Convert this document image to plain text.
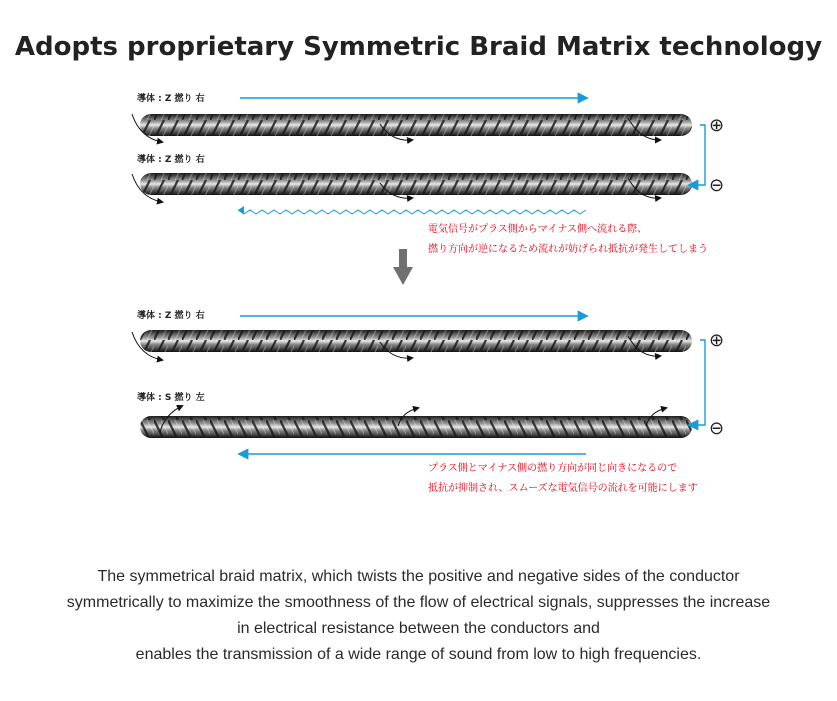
Adopts proprietary Symmetric Braid Matrix technology
導体 : Z 撚り 右
導体 : Z 撚り 右
⊕
⊖
電気信号がプラス側からマイナス側へ流れる際、
撚り方向が逆になるため流れが妨げられ抵抗が発生してしまう
導体 : Z 撚り 右
導体 : S 撚り 左
⊕
⊖
プラス側とマイナス側の撚り方向が同じ向きになるので
抵抗が抑制され、スムーズな電気信号の流れを可能にします
The symmetrical braid matrix, which twists the positive and negative sides of the conductor
symmetrically to maximize the smoothness of the flow of electrical signals, suppresses the increase
in electrical resistance between the conductors and
enables the transmission of a wide range of sound from low to high frequencies.
